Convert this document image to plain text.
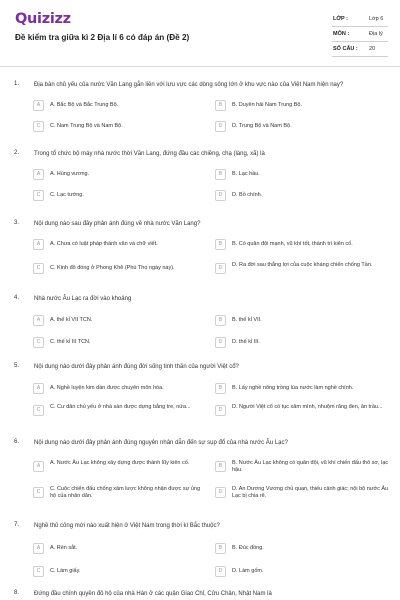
Quizizz
Đề kiểm tra giữa kì 2 Địa lí 6 có đáp án (Đề 2)
LỚP :	Lớp 6
MÔN :	Địa lý
SỐ CÂU : 20
1. Địa bàn chủ yếu của nước Văn Lang gắn liền với lưu vực các dòng sông lớn ở khu vực nào của Việt Nam hiện nay?
A	A. Bắc Bộ và Bắc Trung Bộ.	B	B. Duyên hải Nam Trung Bộ.
C	C. Nam Trung Bộ và Nam Bộ.	D	D. Trung Bộ và Nam Bộ.
2. Trong tổ chức bộ máy nhà nước thời Văn Lang, đứng đầu các chiềng, chạ (làng, xã) là
A	A. Hùng vương.	B	B. Lạc hầu.
C	C. Lạc tướng.	D	D. Bồ chính.
3. Nội dung nào sau đây phản ánh đúng về nhà nước Văn Lang?
A	A. Chưa có luật pháp thành văn và chữ viết.	B	B. Có quân đội mạnh, vũ khí tốt, thành trì kiên cố.
C	C. Kinh đô đóng ở Phong Khê (Phú Thọ ngày nay).	D	D. Ra đời sau thắng lợi của cuộc kháng chiến chống Tần.
4. Nhà nước Âu Lạc ra đời vào khoảng
A	A. thế kỉ VII TCN.	B	B. thế kỉ VII.
C	C. thế kỉ III TCN.	D	D. thế kỉ III.
5. Nội dung nào dưới đây phản ánh đúng đời sống tinh thần của người Việt cổ?
A	A. Nghề luyện kim dần được chuyên môn hóa.	B	B. Lấy nghề nông trồng lúa nước làm nghề chính.
C	C. Cư dân chủ yếu ở nhà sàn được dựng bằng tre, nứa...	D	D. Người Việt cổ có tục xăm mình, nhuộm răng đen, ăn trầu...
6. Nội dung nào dưới đây phản ánh đúng nguyên nhân dẫn đến sự sụp đổ của nhà nước Âu Lạc?
A	A. Nước Âu Lạc không xây dựng được thành lũy kiên cố.	B	B. Nước Âu Lạc không có quân đội, vũ khí chiến đấu thô sơ, lạc hậu.
C	C. Cuộc chiến đấu chống xâm lược không nhận được sự ủng hộ của nhân dân.
D	D. An Dương Vương chủ quan, thiếu cảnh giác; nội bộ nước Âu Lạc bị chia rẽ.
7. Nghề thủ công mới nào xuất hiện ở Việt Nam trong thời kì Bắc thuộc?
A	A. Rèn sắt.	B	B. Đúc đồng.
C	C. Làm giấy.	D	D. Làm gốm.
8. Đứng đầu chính quyền đô hộ của nhà Hán ở các quận Giao Chỉ, Cửu Chân, Nhật Nam là
